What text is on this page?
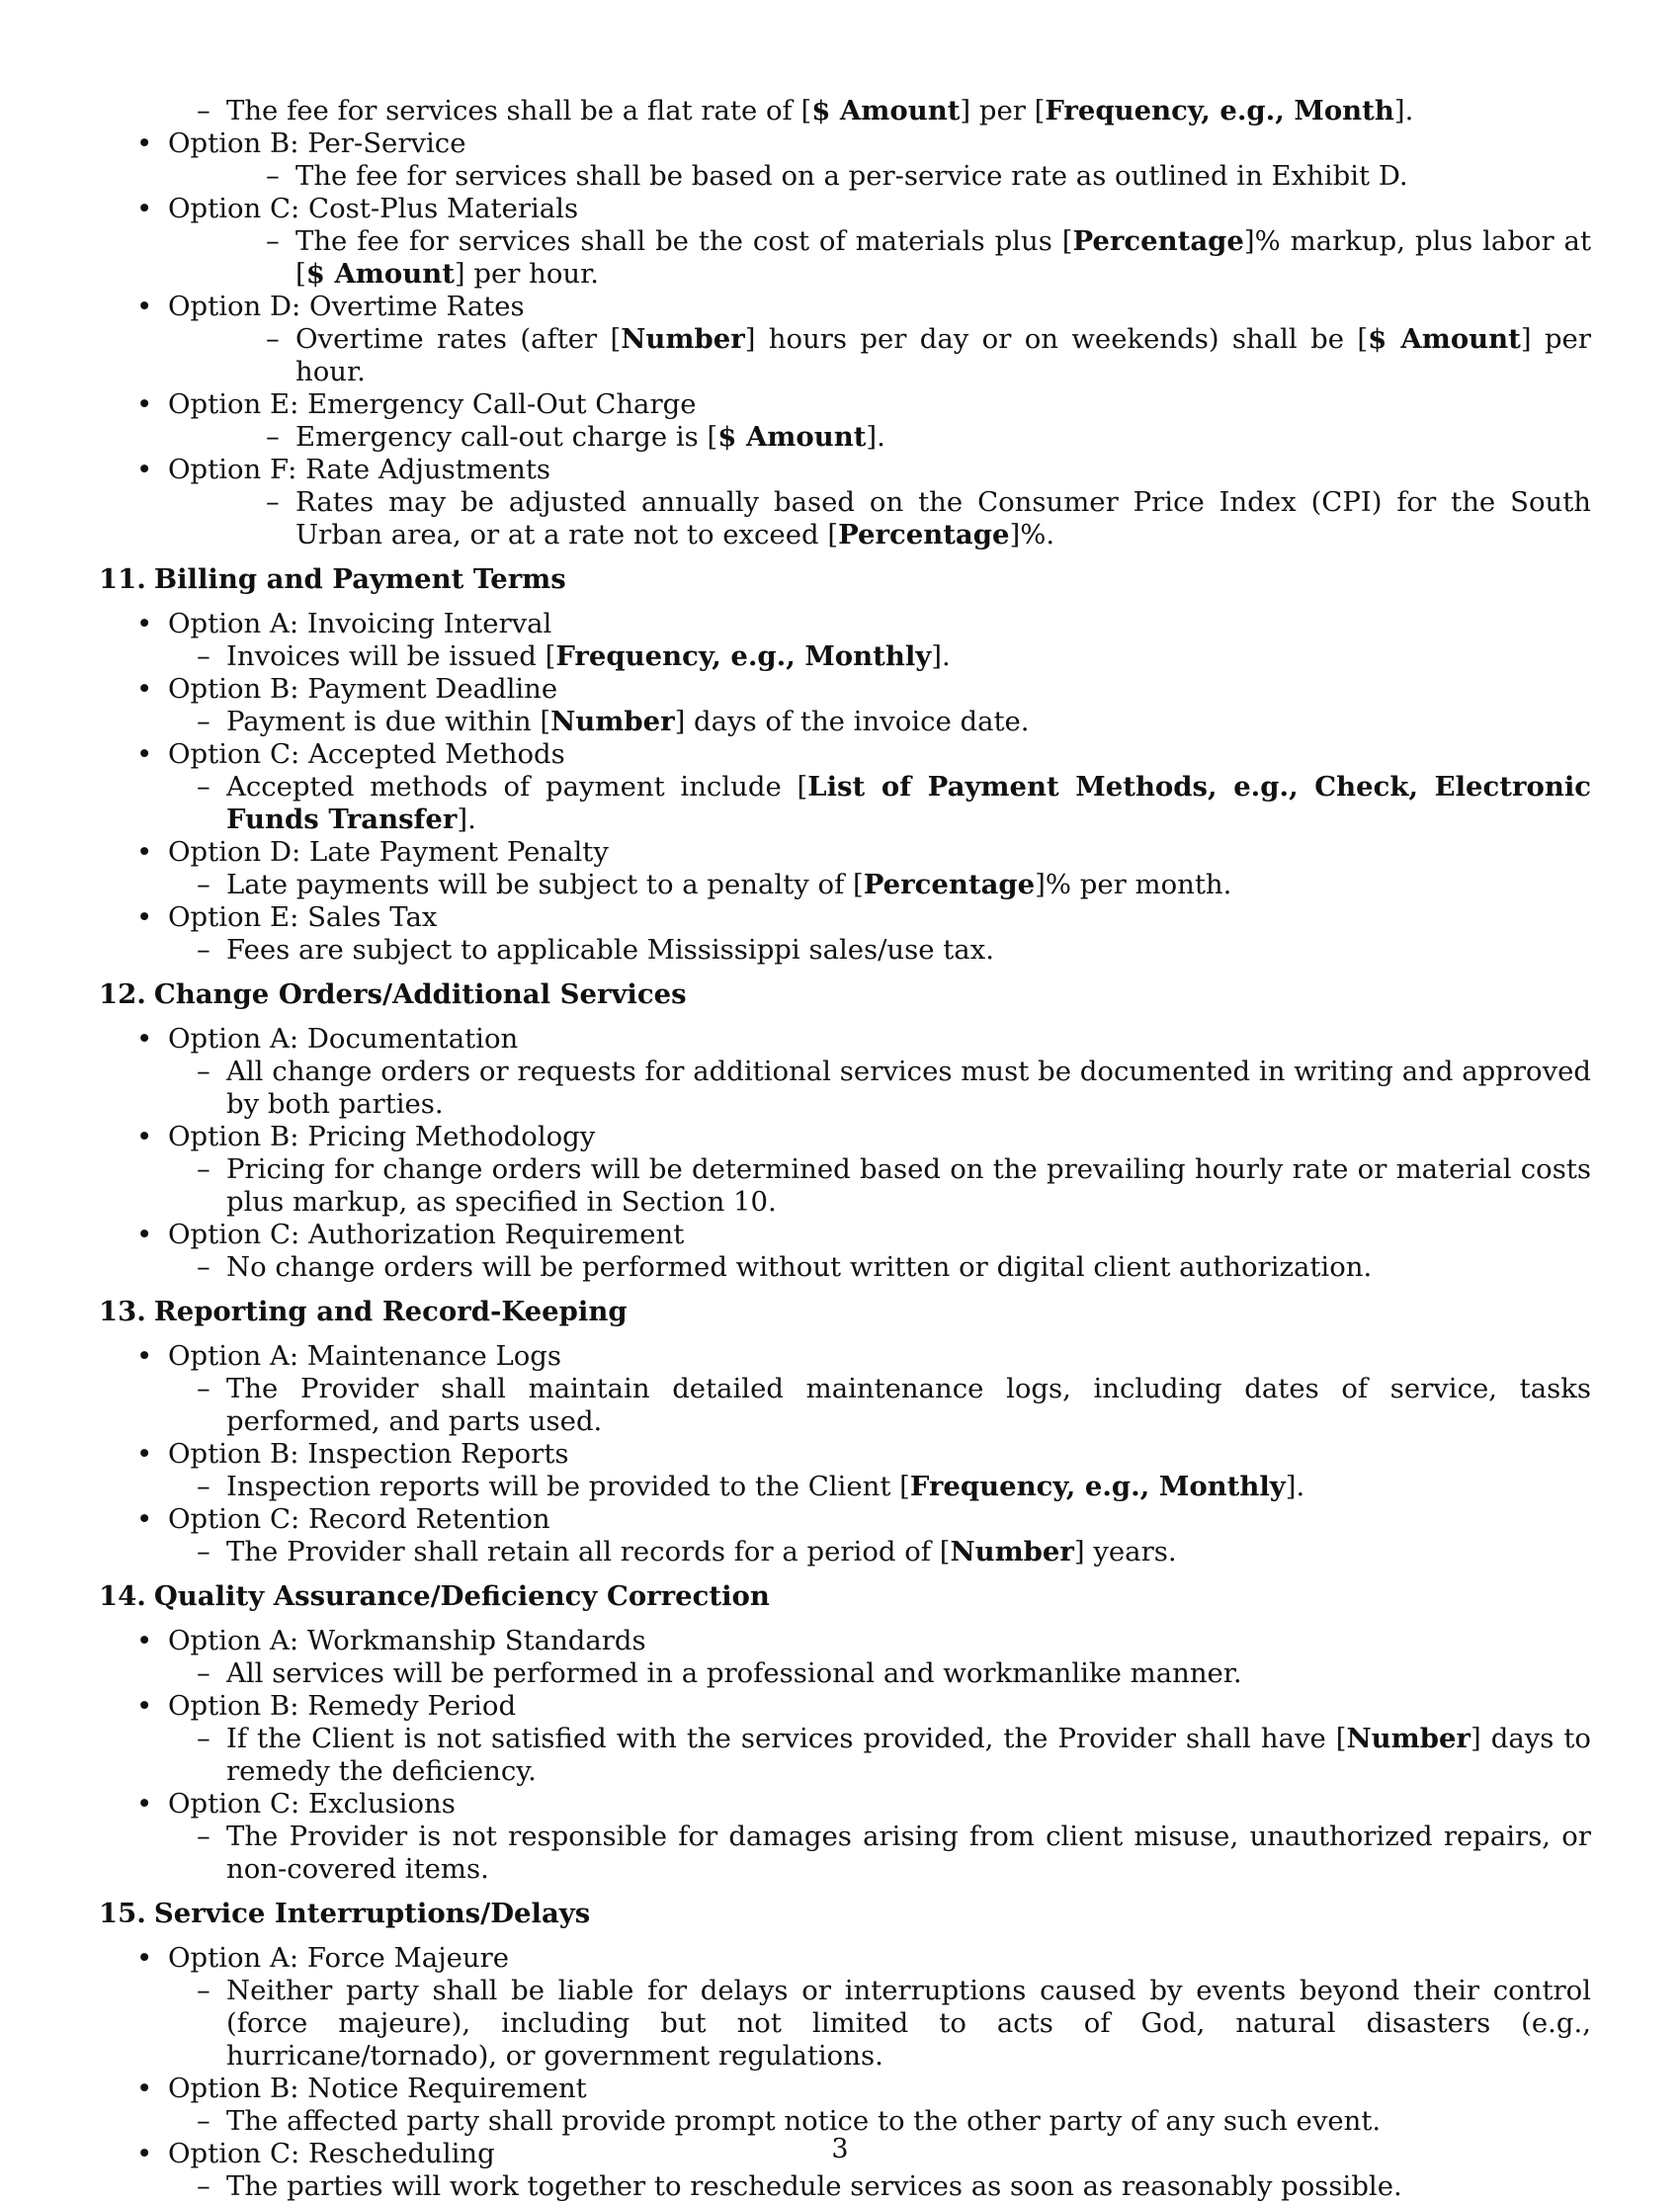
– The fee for services shall be a flat rate of [$ Amount] per [Frequency, e.g., Month].
• Option B: Per-Service
– The fee for services shall be based on a per-service rate as outlined in Exhibit D.
• Option C: Cost-Plus Materials
– The fee for services shall be the cost of materials plus [Percentage]% markup, plus labor at [$ Amount] per hour.
• Option D: Overtime Rates
– Overtime rates (after [Number] hours per day or on weekends) shall be [$ Amount] per hour.
• Option E: Emergency Call-Out Charge
– Emergency call-out charge is [$ Amount].
• Option F: Rate Adjustments
– Rates may be adjusted annually based on the Consumer Price Index (CPI) for the South Urban area, or at a rate not to exceed [Percentage]%.
11. Billing and Payment Terms
• Option A: Invoicing Interval
– Invoices will be issued [Frequency, e.g., Monthly].
• Option B: Payment Deadline
– Payment is due within [Number] days of the invoice date.
• Option C: Accepted Methods
– Accepted methods of payment include [List of Payment Methods, e.g., Check, Electronic Funds Transfer].
• Option D: Late Payment Penalty
– Late payments will be subject to a penalty of [Percentage]% per month.
• Option E: Sales Tax
– Fees are subject to applicable Mississippi sales/use tax.
12. Change Orders/Additional Services
• Option A: Documentation
– All change orders or requests for additional services must be documented in writing and approved by both parties.
• Option B: Pricing Methodology
– Pricing for change orders will be determined based on the prevailing hourly rate or material costs plus markup, as specified in Section 10.
• Option C: Authorization Requirement
– No change orders will be performed without written or digital client authorization.
13. Reporting and Record-Keeping
• Option A: Maintenance Logs
– The Provider shall maintain detailed maintenance logs, including dates of service, tasks performed, and parts used.
• Option B: Inspection Reports
– Inspection reports will be provided to the Client [Frequency, e.g., Monthly].
• Option C: Record Retention
– The Provider shall retain all records for a period of [Number] years.
14. Quality Assurance/Deficiency Correction
• Option A: Workmanship Standards
– All services will be performed in a professional and workmanlike manner.
• Option B: Remedy Period
– If the Client is not satisfied with the services provided, the Provider shall have [Number] days to remedy the deficiency.
• Option C: Exclusions
– The Provider is not responsible for damages arising from client misuse, unauthorized repairs, or non-covered items.
15. Service Interruptions/Delays
• Option A: Force Majeure
– Neither party shall be liable for delays or interruptions caused by events beyond their control (force majeure), including but not limited to acts of God, natural disasters (e.g., hurricane/tornado), or government regulations.
• Option B: Notice Requirement
– The affected party shall provide prompt notice to the other party of any such event.
• Option C: Rescheduling
– The parties will work together to reschedule services as soon as reasonably possible.
3
